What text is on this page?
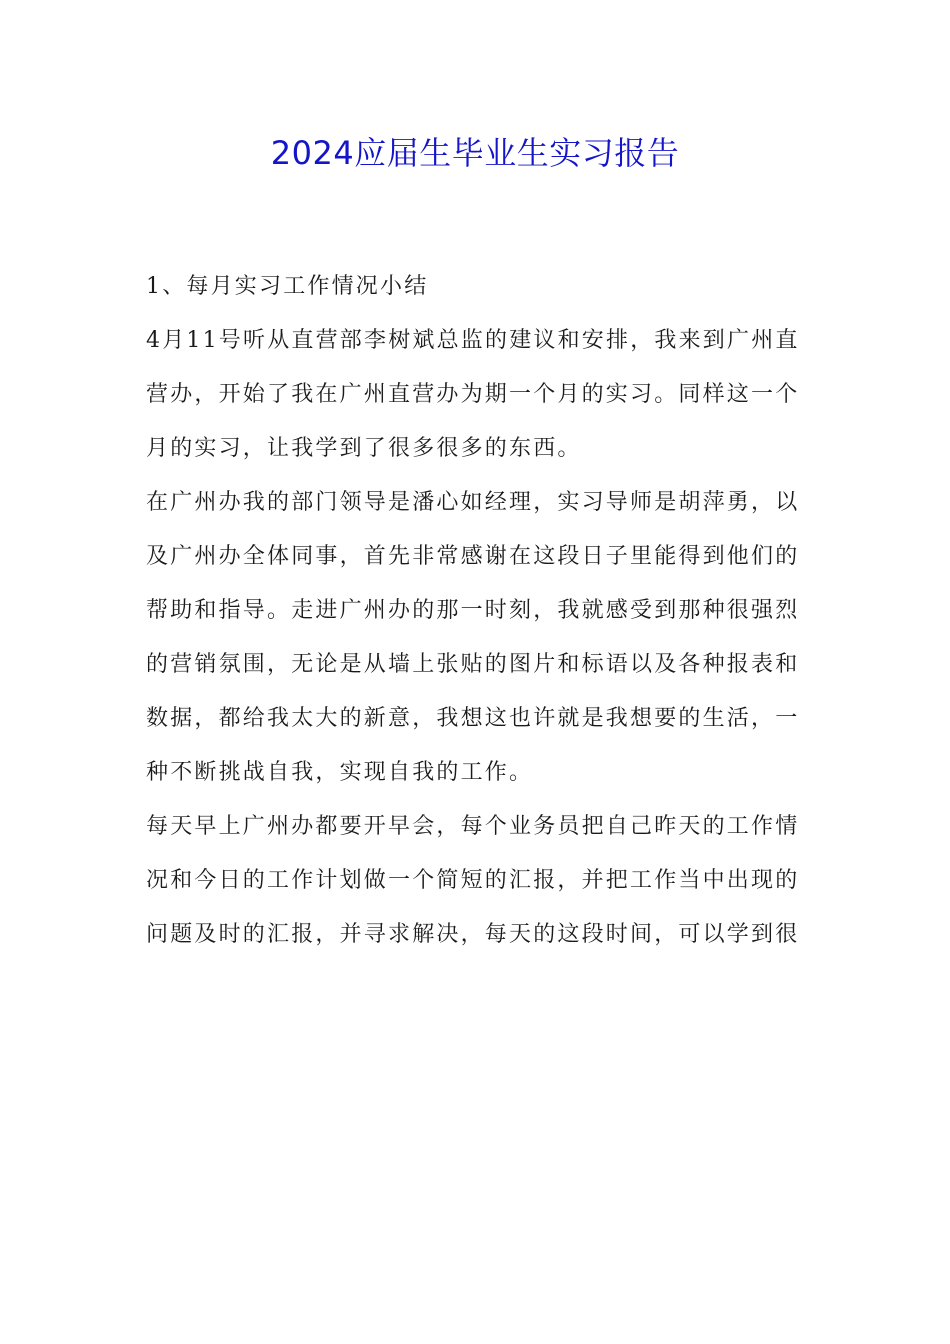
2024应届生毕业生实习报告

1、每月实习工作情况小结

4月11号听从直营部李树斌总监的建议和安排，我来到广州直

营办，开始了我在广州直营办为期一个月的实习。同样这一个

月的实习，让我学到了很多很多的东西。

在广州办我的部门领导是潘心如经理，实习导师是胡萍勇，以

及广州办全体同事，首先非常感谢在这段日子里能得到他们的

帮助和指导。走进广州办的那一时刻，我就感受到那种很强烈

的营销氛围，无论是从墙上张贴的图片和标语以及各种报表和

数据，都给我太大的新意，我想这也许就是我想要的生活，一

种不断挑战自我，实现自我的工作。

每天早上广州办都要开早会，每个业务员把自己昨天的工作情

况和今日的工作计划做一个简短的汇报，并把工作当中出现的

问题及时的汇报，并寻求解决，每天的这段时间，可以学到很
